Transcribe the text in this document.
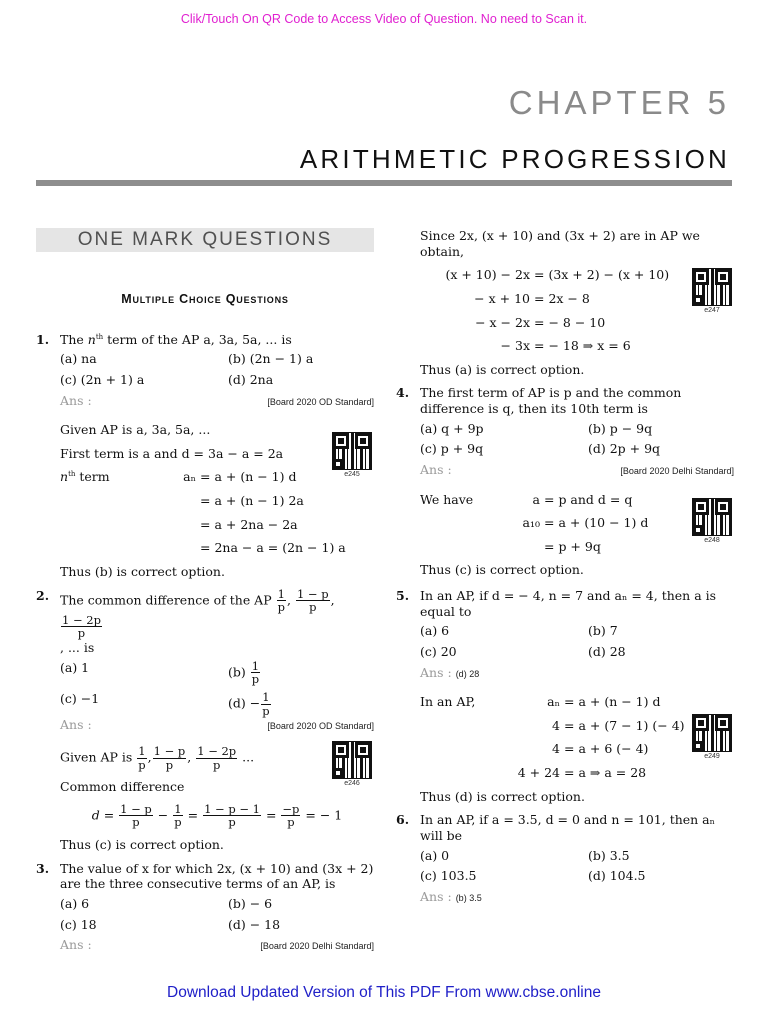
Clik/Touch On QR Code to Access Video of Question. No need to Scan it.
CHAPTER 5
ARITHMETIC PROGRESSION
ONE MARK QUESTIONS
Multiple Choice Questions
1. The $n^{th}$ term of the AP a, 3a, 5a, ... is
(a) na	(b) (2n − 1) a
(c) (2n + 1) a	(d) 2na
Ans :	[Board 2020 OD Standard]

Given AP is a, 3a, 5a, ...

First term is a and d = 3a − a = 2a

$n^{th}$ term	aₙ = a + (n − 1) d
= a + (n − 1) 2a
= a + 2na − 2a
= 2na − a = (2n − 1) a

Thus (b) is correct option.

e245
2. The common difference of the AP $\frac{1}{p}$ , $\frac{1 - p}{p}$ ,
$\frac{1 - 2p}{p}$

, ... is
(a) 1	$(b) \frac{1}{p}$
(c) −1	$(d) - \frac{1}{p}$
Ans :	[Board 2020 OD Standard]

Given AP is $\frac{1}{p}$ , $\frac{1 - p}{p}$ , $\frac{1 - 2p}{p}$ ...

Common difference

$d = \frac{1 - p}{p} - \frac{1}{p} = \frac{1 - p - 1}{p} = \frac{-p}{p}$ = − 1

Thus (c) is correct option.

e246
3. The value of x for which 2x, (x + 10) and (3x + 2) are the three consecutive terms of an AP, is
(a) 6	(b) − 6
(c) 18	(d) − 18
Ans :	[Board 2020 Delhi Standard]

Since 2x, (x + 10) and (3x + 2) are in AP we obtain,

(x + 10) − 2x = (3x + 2) − (x + 10)
− x + 10 = 2x − 8
− x − 2x = − 8 − 10
− 3x = − 18 ⇒ x = 6

Thus (a) is correct option.

e247
4. The first term of AP is p and the common difference is q, then its 10th term is
(a) q + 9p	(b) p − 9q
(c) p + 9q	(d) 2p + 9q
Ans :	[Board 2020 Delhi Standard]
We have	a = p and d = q
a₁₀ = a + (10 − 1) d
= p + 9q

Thus (c) is correct option.

e248
5. In an AP, if d = − 4, n = 7 and aₙ = 4, then a is equal to
(a) 6	(b) 7
(c) 20	(d) 28
Ans : (d) 28
In an AP,	aₙ = a + (n − 1) d
4 = a + (7 − 1) (− 4)
4 = a + 6 (− 4)
4 + 24 = a ⇒ a = 28

Thus (d) is correct option.

e249
6. In an AP, if a = 3.5, d = 0 and n = 101, then aₙ will be
(a) 0	(b) 3.5
(c) 103.5	(d) 104.5
Ans : (b) 3.5
Download Updated Version of This PDF From www.cbse.online
